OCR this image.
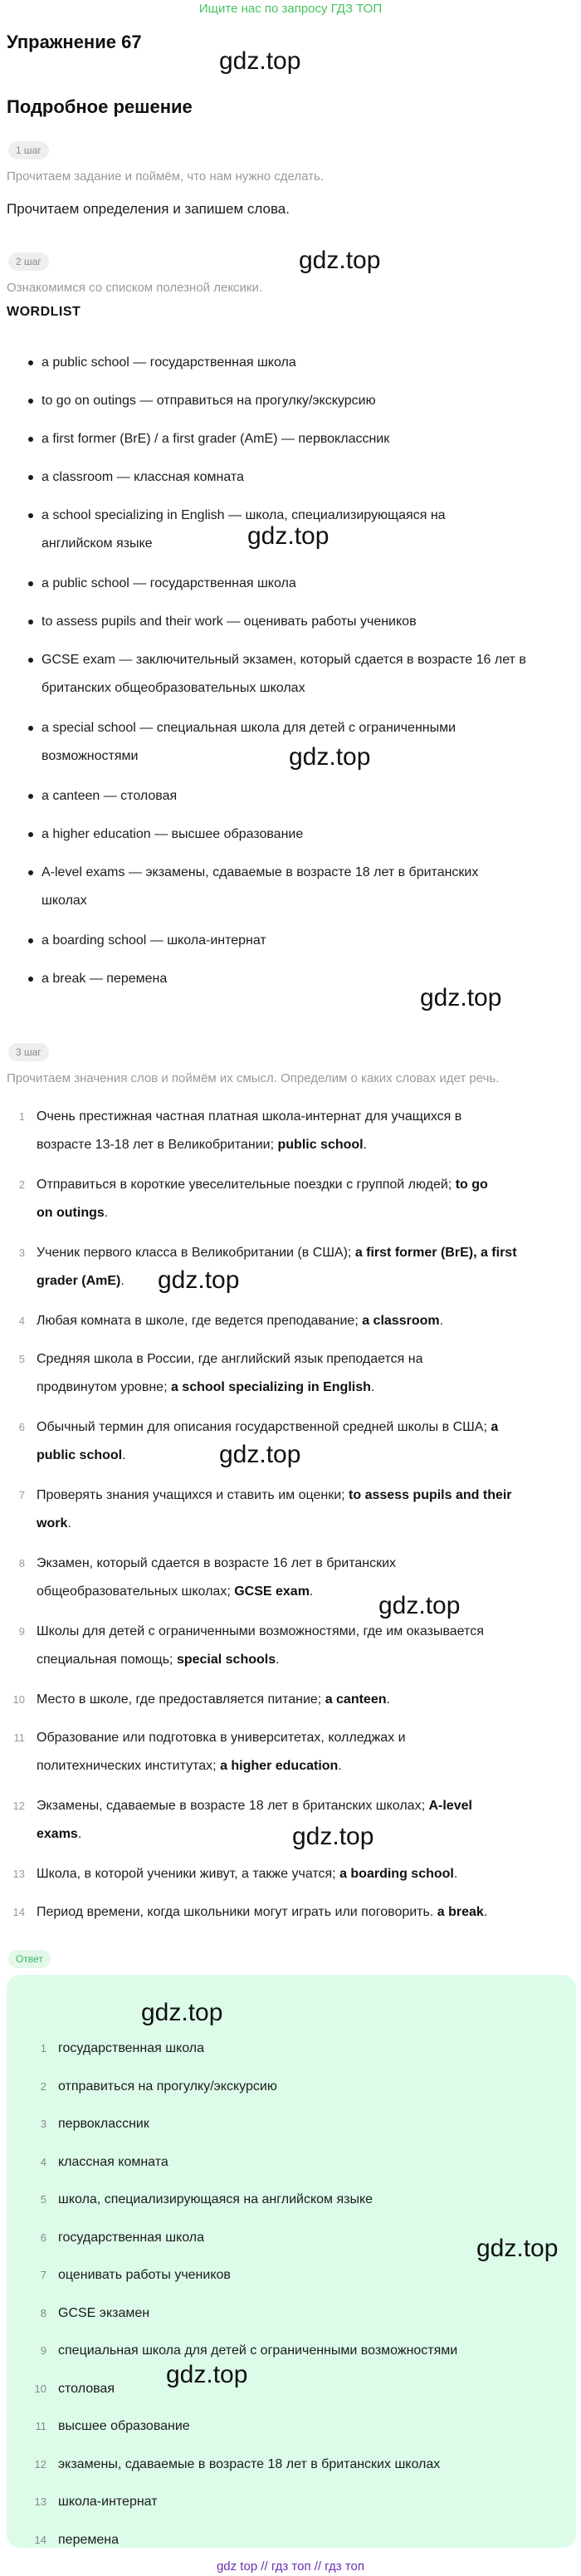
Ищите нас по запросу ГДЗ ТОП
Упражнение 67
gdz.top
Подробное решение
1 шаг
Прочитаем задание и поймём, что нам нужно сделать.
Прочитаем определения и запишем слова.
2 шаг	gdz.top
Ознакомимся со списком полезной лексики.
WORDLIST
a public school — государственная школа
to go on outings — отправиться на прогулку/экскурсию
a first former (BrE) / a first grader (AmE) — первоклассник
a classroom — классная комната
a school specializing in English — школа, специализирующаяся на
английском языке
a public school — государственная школа
to assess pupils and their work — оценивать работы учеников
GCSE exam — заключительный экзамен, который сдается в возрасте 16 лет в
британских общеобразовательных школах
a special school — специальная школа для детей с ограниченными
возможностями
a canteen — столовая
a higher education — высшее образование
A-level exams — экзамены, сдаваемые в возрасте 18 лет в британских
школах
a boarding school — школа-интернат
a break — перемена
gdz.top
gdz.top
gdz.top
3 шаг
Прочитаем значения слов и поймём их смысл. Определим о каких словах идет речь.
1 Очень престижная частная платная школа-интернат для учащихся в
возрасте 13-18 лет в Великобритании; public school.
2 Отправиться в короткие увеселительные поездки с группой людей; to go
on outings.
3 Ученик первого класса в Великобритании (в США); a first former (BrE), a first
grader (AmE).
4 Любая комната в школе, где ведется преподавание; a classroom.
5 Средняя школа в России, где английский язык преподается на
продвинутом уровне; a school specializing in English.
6 Обычный термин для описания государственной средней школы в США; a
public school.
7 Проверять знания учащихся и ставить им оценки; to assess pupils and their
work.
8 Экзамен, который сдается в возрасте 16 лет в британских
общеобразовательных школах; GCSE exam.
9 Школы для детей с ограниченными возможностями, где им оказывается
специальная помощь; special schools.
10 Место в школе, где предоставляется питание; a canteen.
11 Образование или подготовка в университетах, колледжах и
политехнических институтах; a higher education.
12 Экзамены, сдаваемые в возрасте 18 лет в британских школах; A-level
exams.
13 Школа, в которой ученики живут, а также учатся; a boarding school.
14 Период времени, когда школьники могут играть или поговорить. a break.
gdz.top
gdz.top
gdz.top
gdz.top
Ответ
1 государственная школа
2 отправиться на прогулку/экскурсию
3 первоклассник
4 классная комната
5 школа, специализирующаяся на английском языке
6 государственная школа
7 оценивать работы учеников
8 GCSE экзамен
9 специальная школа для детей с ограниченными возможностями
10 столовая
11 высшее образование
12 экзамены, сдаваемые в возрасте 18 лет в британских школах
13 школа-интернат
14 перемена
gdz.top
gdz.top
gdz.top
gdz top // гдз топ // гдз топ
